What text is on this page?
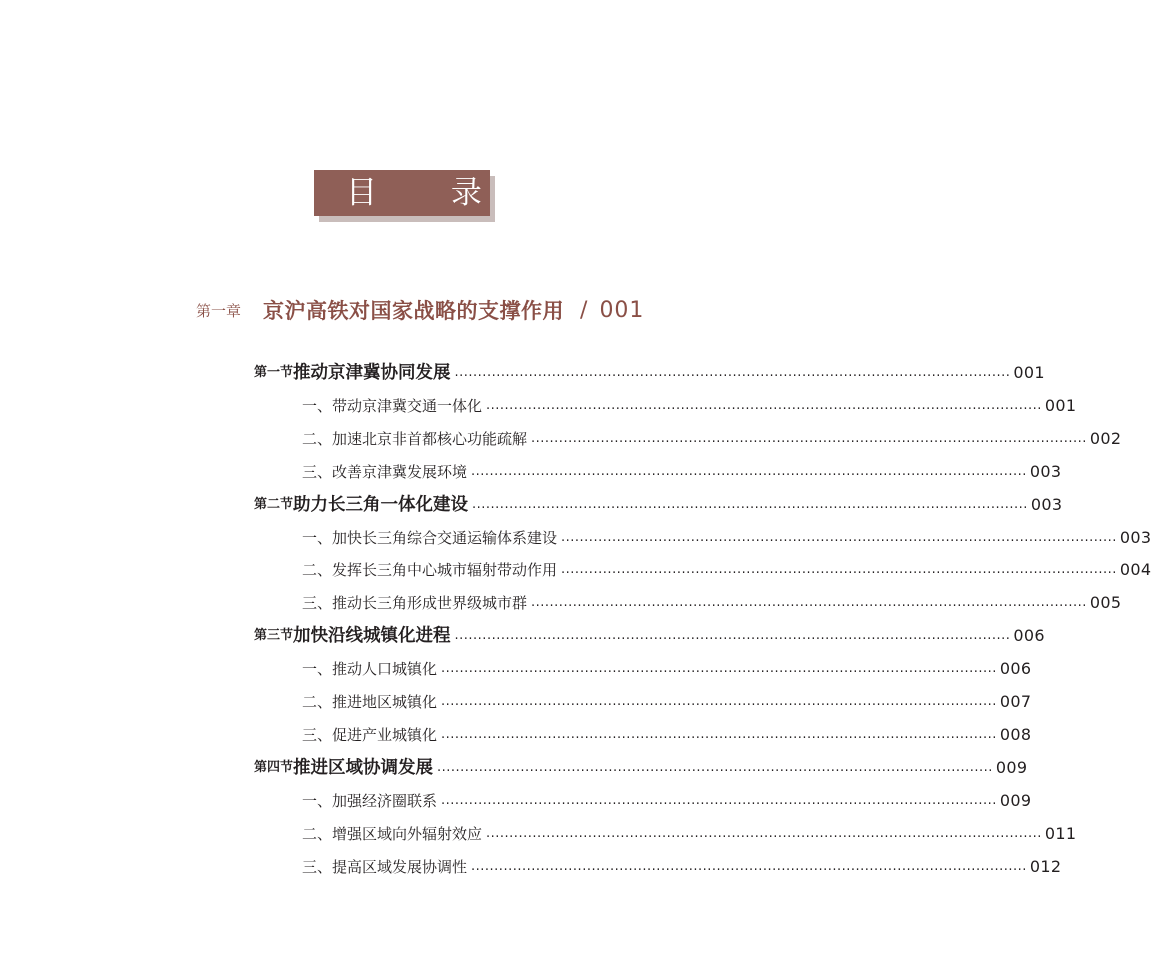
目 录
第一章 京沪高铁对国家战略的支撑作用 / 001
第一节 推动京津冀协同发展 ........................................................................................................................ 001
一、带动京津冀交通一体化 ........................................................................................................................ 001
二、加速北京非首都核心功能疏解 ........................................................................................................................ 002
三、改善京津冀发展环境 ........................................................................................................................ 003
第二节 助力长三角一体化建设 ........................................................................................................................ 003
一、加快长三角综合交通运输体系建设 ........................................................................................................................ 003
二、发挥长三角中心城市辐射带动作用 ........................................................................................................................ 004
三、推动长三角形成世界级城市群 ........................................................................................................................ 005
第三节 加快沿线城镇化进程 ........................................................................................................................ 006
一、推动人口城镇化 ........................................................................................................................ 006
二、推进地区城镇化 ........................................................................................................................ 007
三、促进产业城镇化 ........................................................................................................................ 008
第四节 推进区域协调发展 ........................................................................................................................ 009
一、加强经济圈联系 ........................................................................................................................ 009
二、增强区域向外辐射效应 ........................................................................................................................ 011
三、提高区域发展协调性 ........................................................................................................................ 012
